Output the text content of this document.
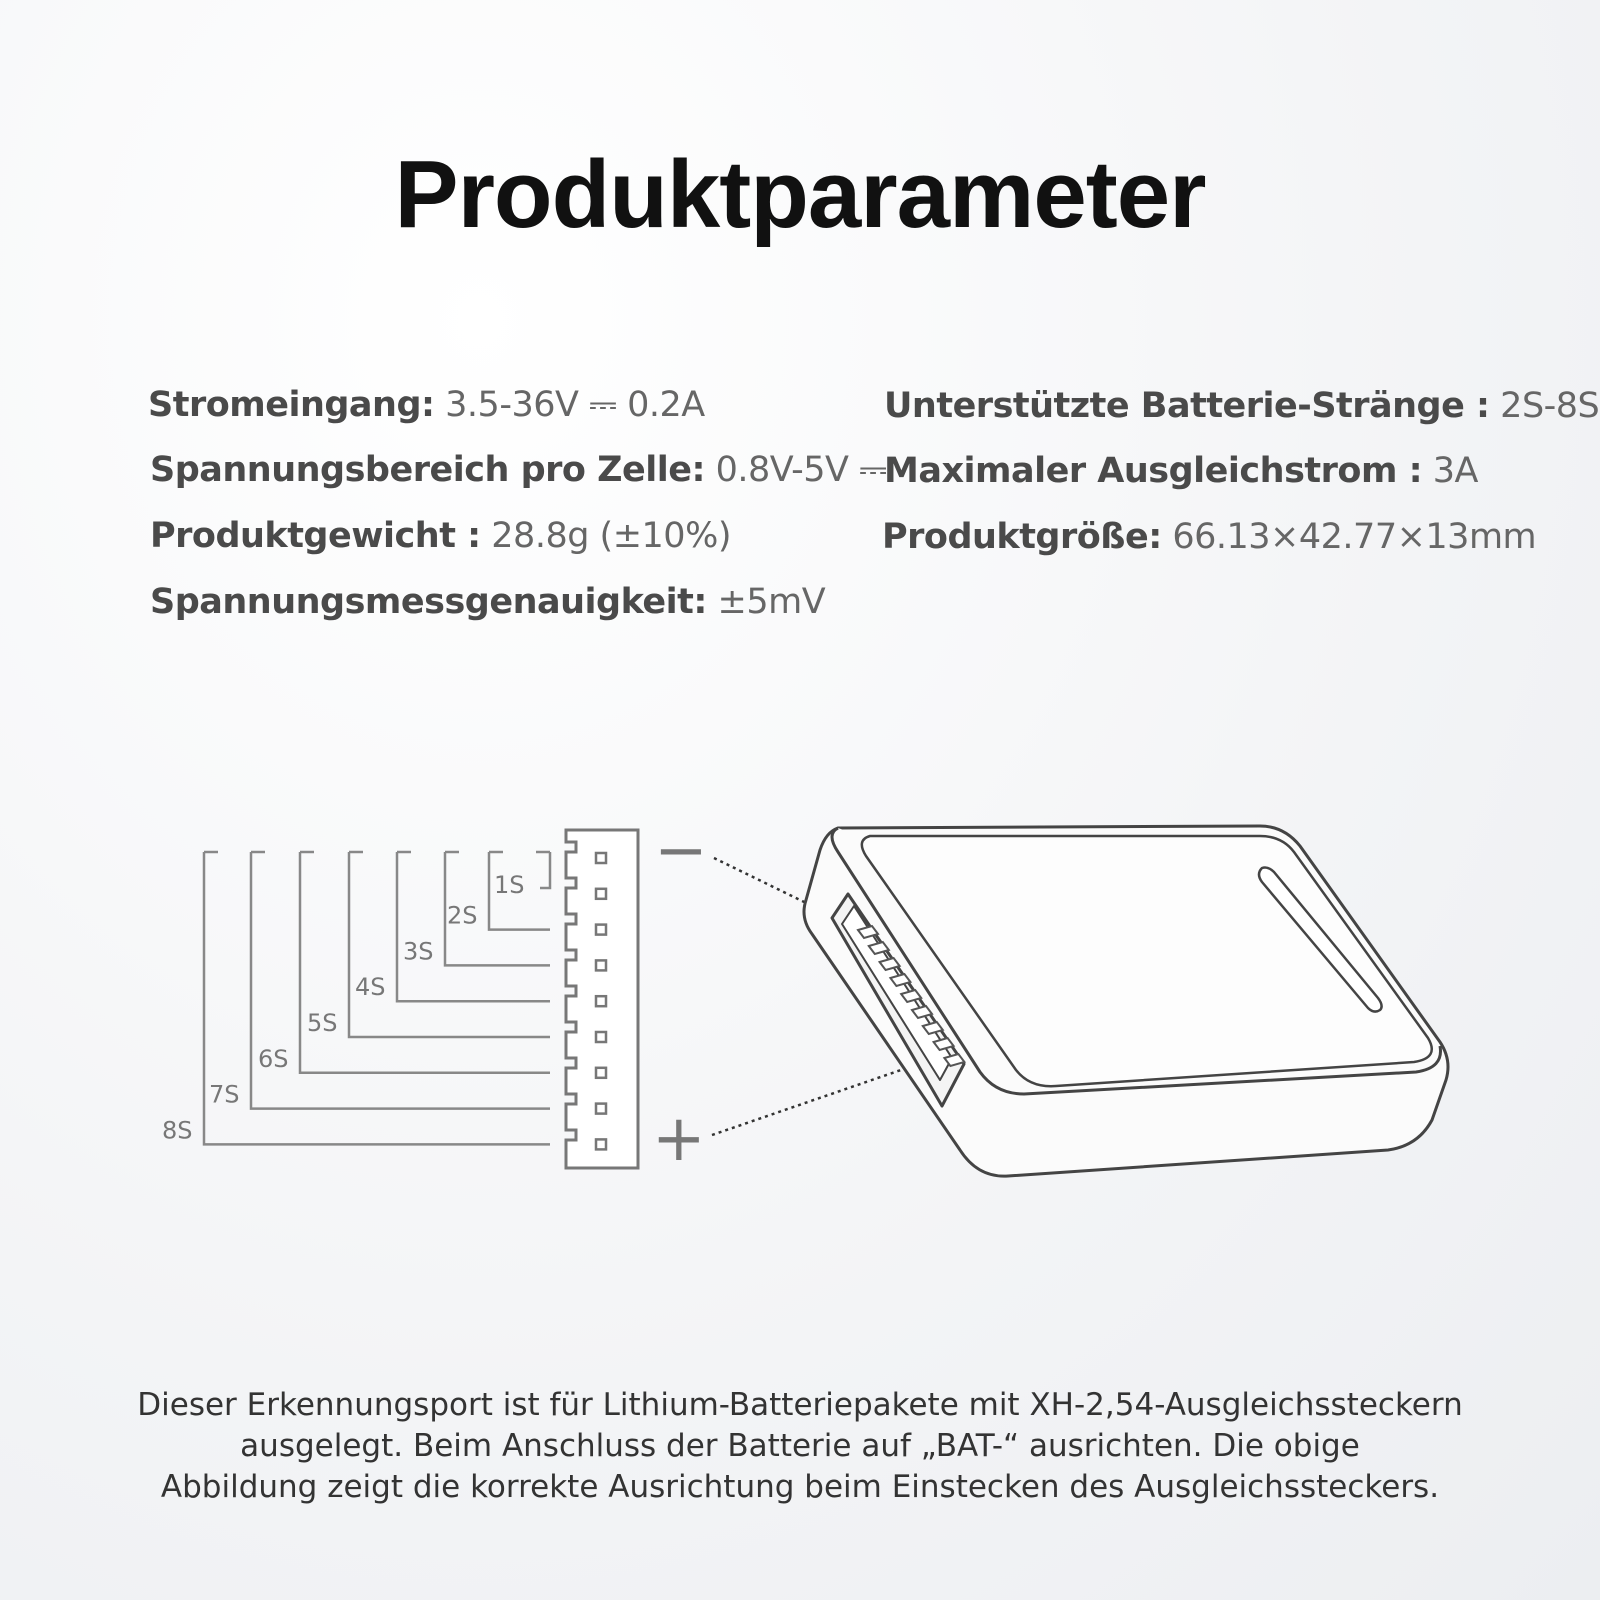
Produktparameter
Stromeingang: 3.5-36V ⎓ 0.2A
Spannungsbereich pro Zelle: 0.8V-5V ⎓
Produktgewicht : 28.8g (±10%)
Spannungsmessgenauigkeit: ±5mV
Unterstützte Batterie-Stränge : 2S-8S
Maximaler Ausgleichstrom : 3A
Produktgröße: 66.13×42.77×13mm
1S
2S
3S
4S
5S
6S
7S
8S
−
+
Dieser Erkennungsport ist für Lithium-Batteriepakete mit XH-2,54-Ausgleichssteckern
ausgelegt. Beim Anschluss der Batterie auf „BAT-“ ausrichten. Die obige
Abbildung zeigt die korrekte Ausrichtung beim Einstecken des Ausgleichssteckers.
